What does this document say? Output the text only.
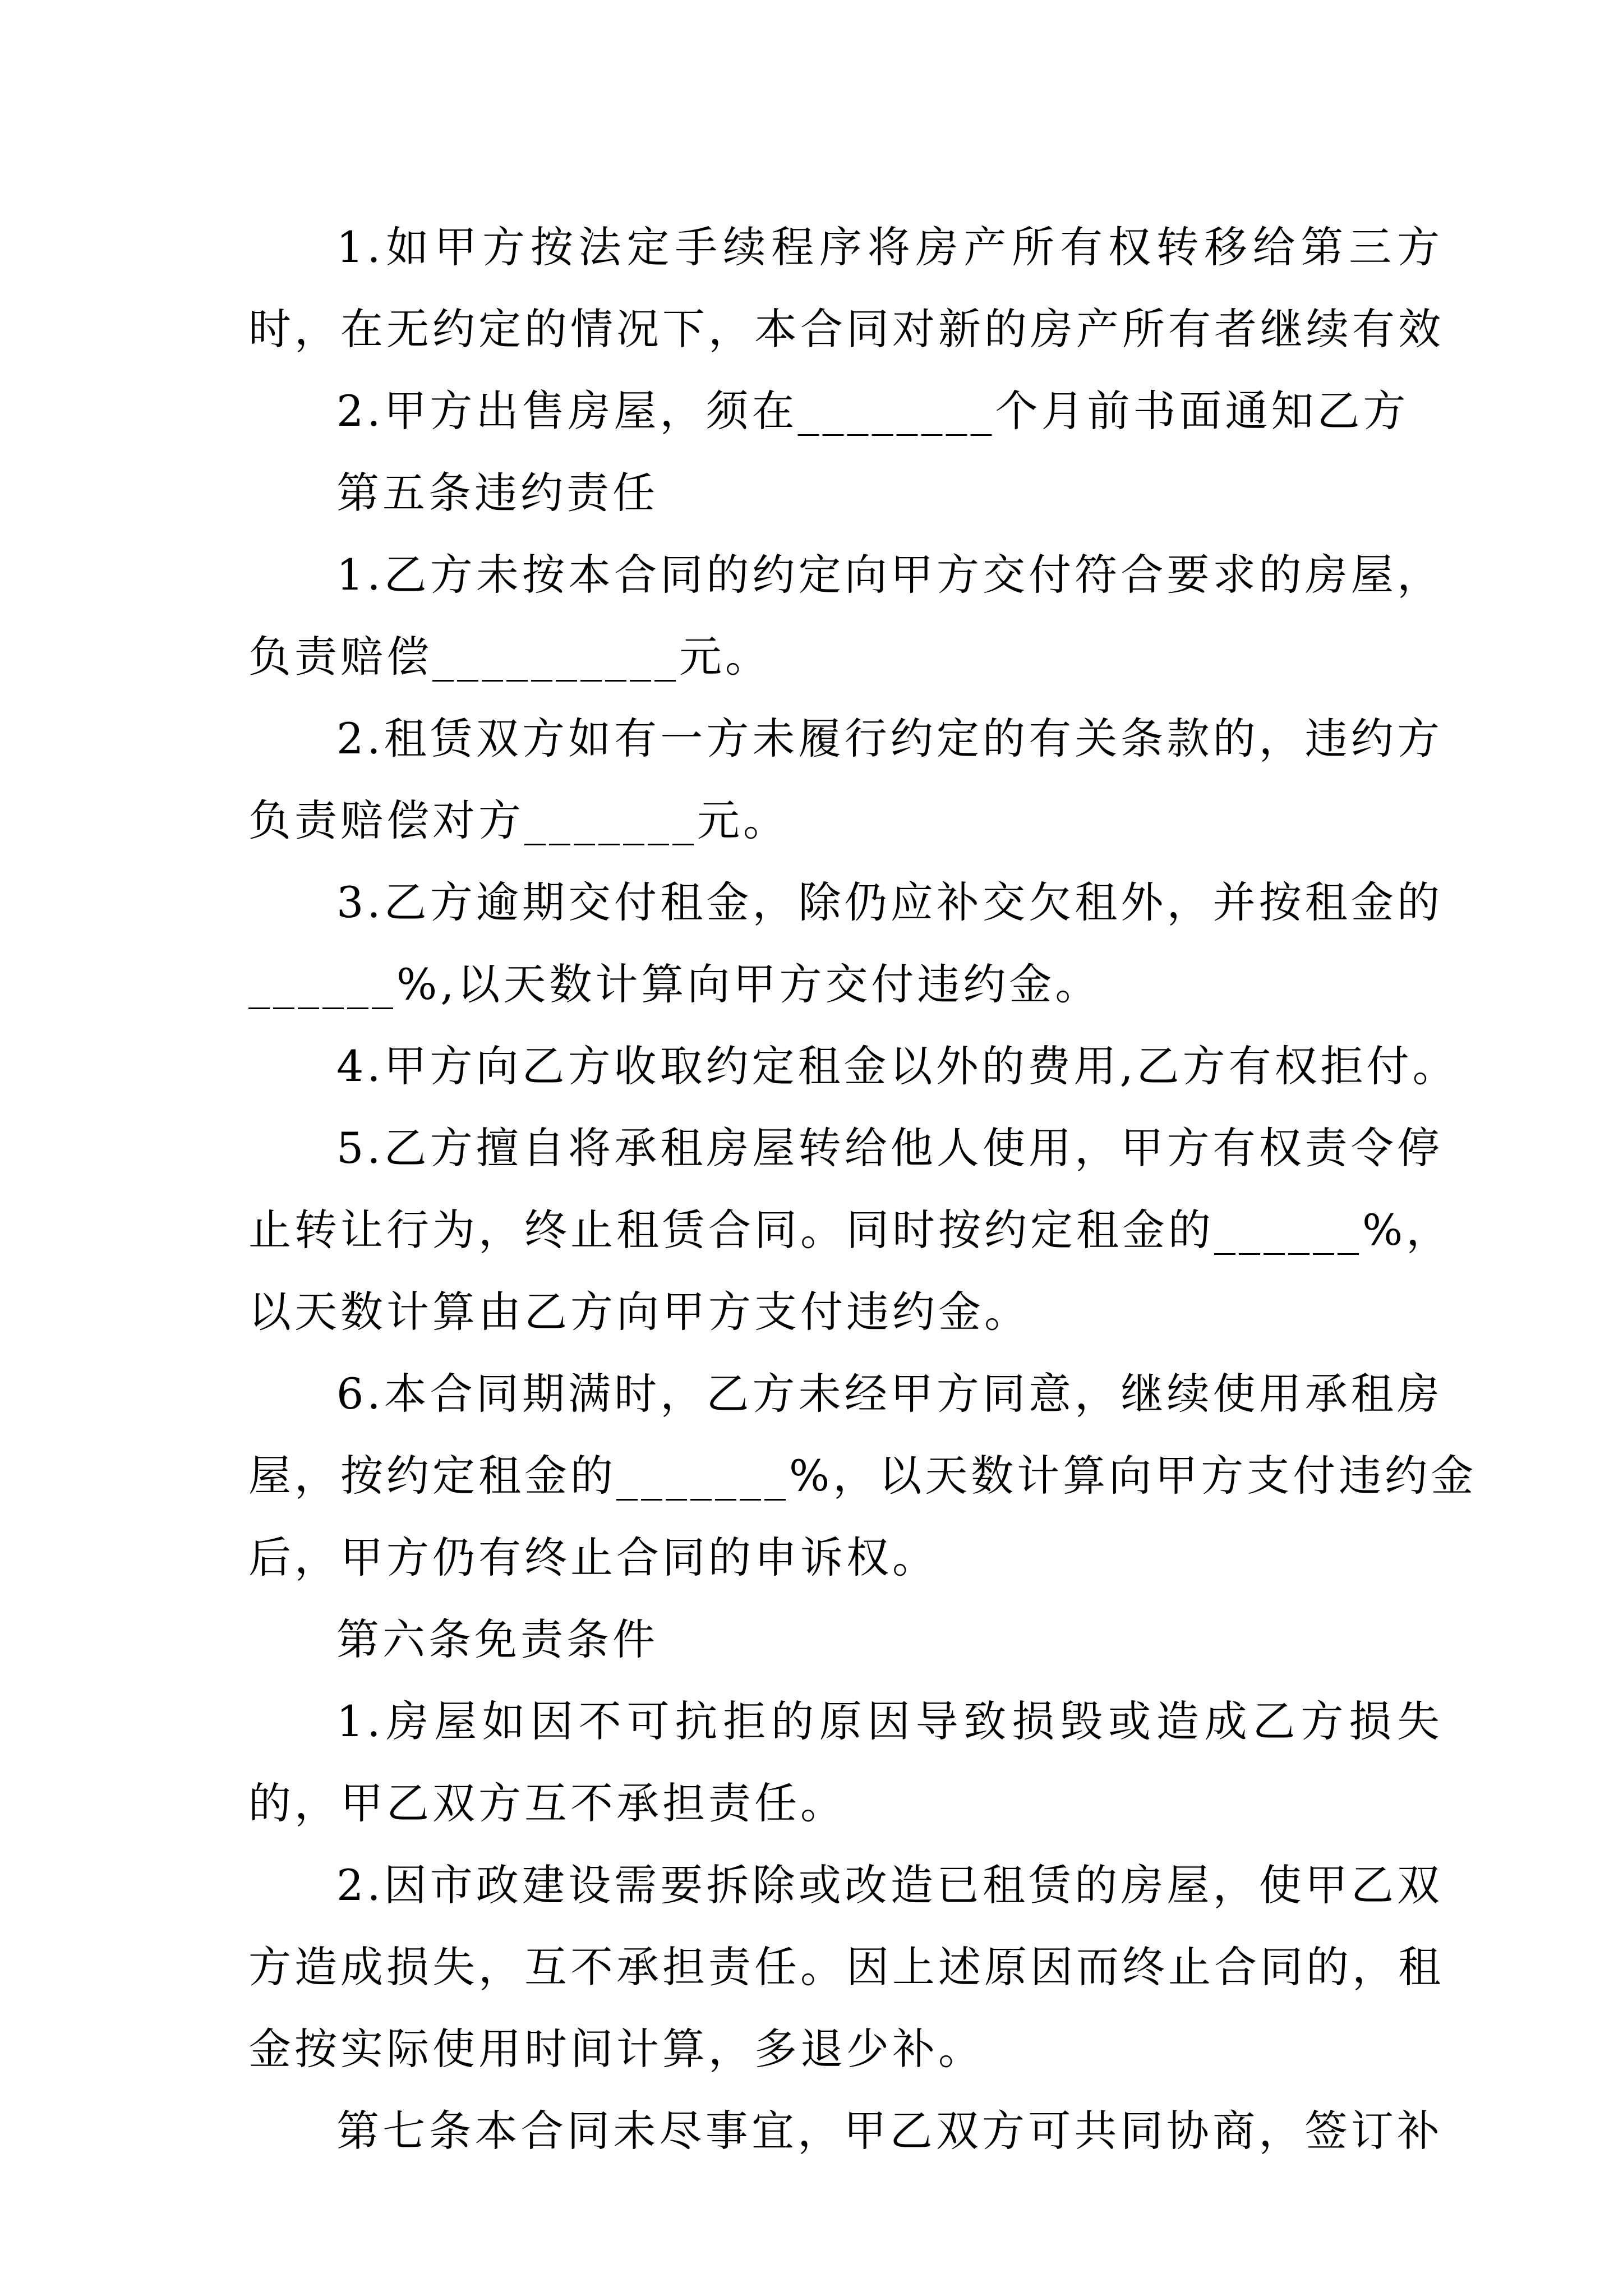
1.如甲方按法定手续程序将房产所有权转移给第三方
时，在无约定的情况下，本合同对新的房产所有者继续有效
2.甲方出售房屋，须在________个月前书面通知乙方
第五条违约责任
1.乙方未按本合同的约定向甲方交付符合要求的房屋，
负责赔偿__________元。
2.租赁双方如有一方未履行约定的有关条款的，违约方
负责赔偿对方_______元。
3.乙方逾期交付租金，除仍应补交欠租外，并按租金的
______%,以天数计算向甲方交付违约金。
4.甲方向乙方收取约定租金以外的费用,乙方有权拒付。
5.乙方擅自将承租房屋转给他人使用，甲方有权责令停
止转让行为，终止租赁合同。同时按约定租金的______%，
以天数计算由乙方向甲方支付违约金。
6.本合同期满时，乙方未经甲方同意，继续使用承租房
屋，按约定租金的_______%，以天数计算向甲方支付违约金
后，甲方仍有终止合同的申诉权。
第六条免责条件
1.房屋如因不可抗拒的原因导致损毁或造成乙方损失
的，甲乙双方互不承担责任。
2.因市政建设需要拆除或改造已租赁的房屋，使甲乙双
方造成损失，互不承担责任。因上述原因而终止合同的，租
金按实际使用时间计算，多退少补。
第七条本合同未尽事宜，甲乙双方可共同协商，签订补
